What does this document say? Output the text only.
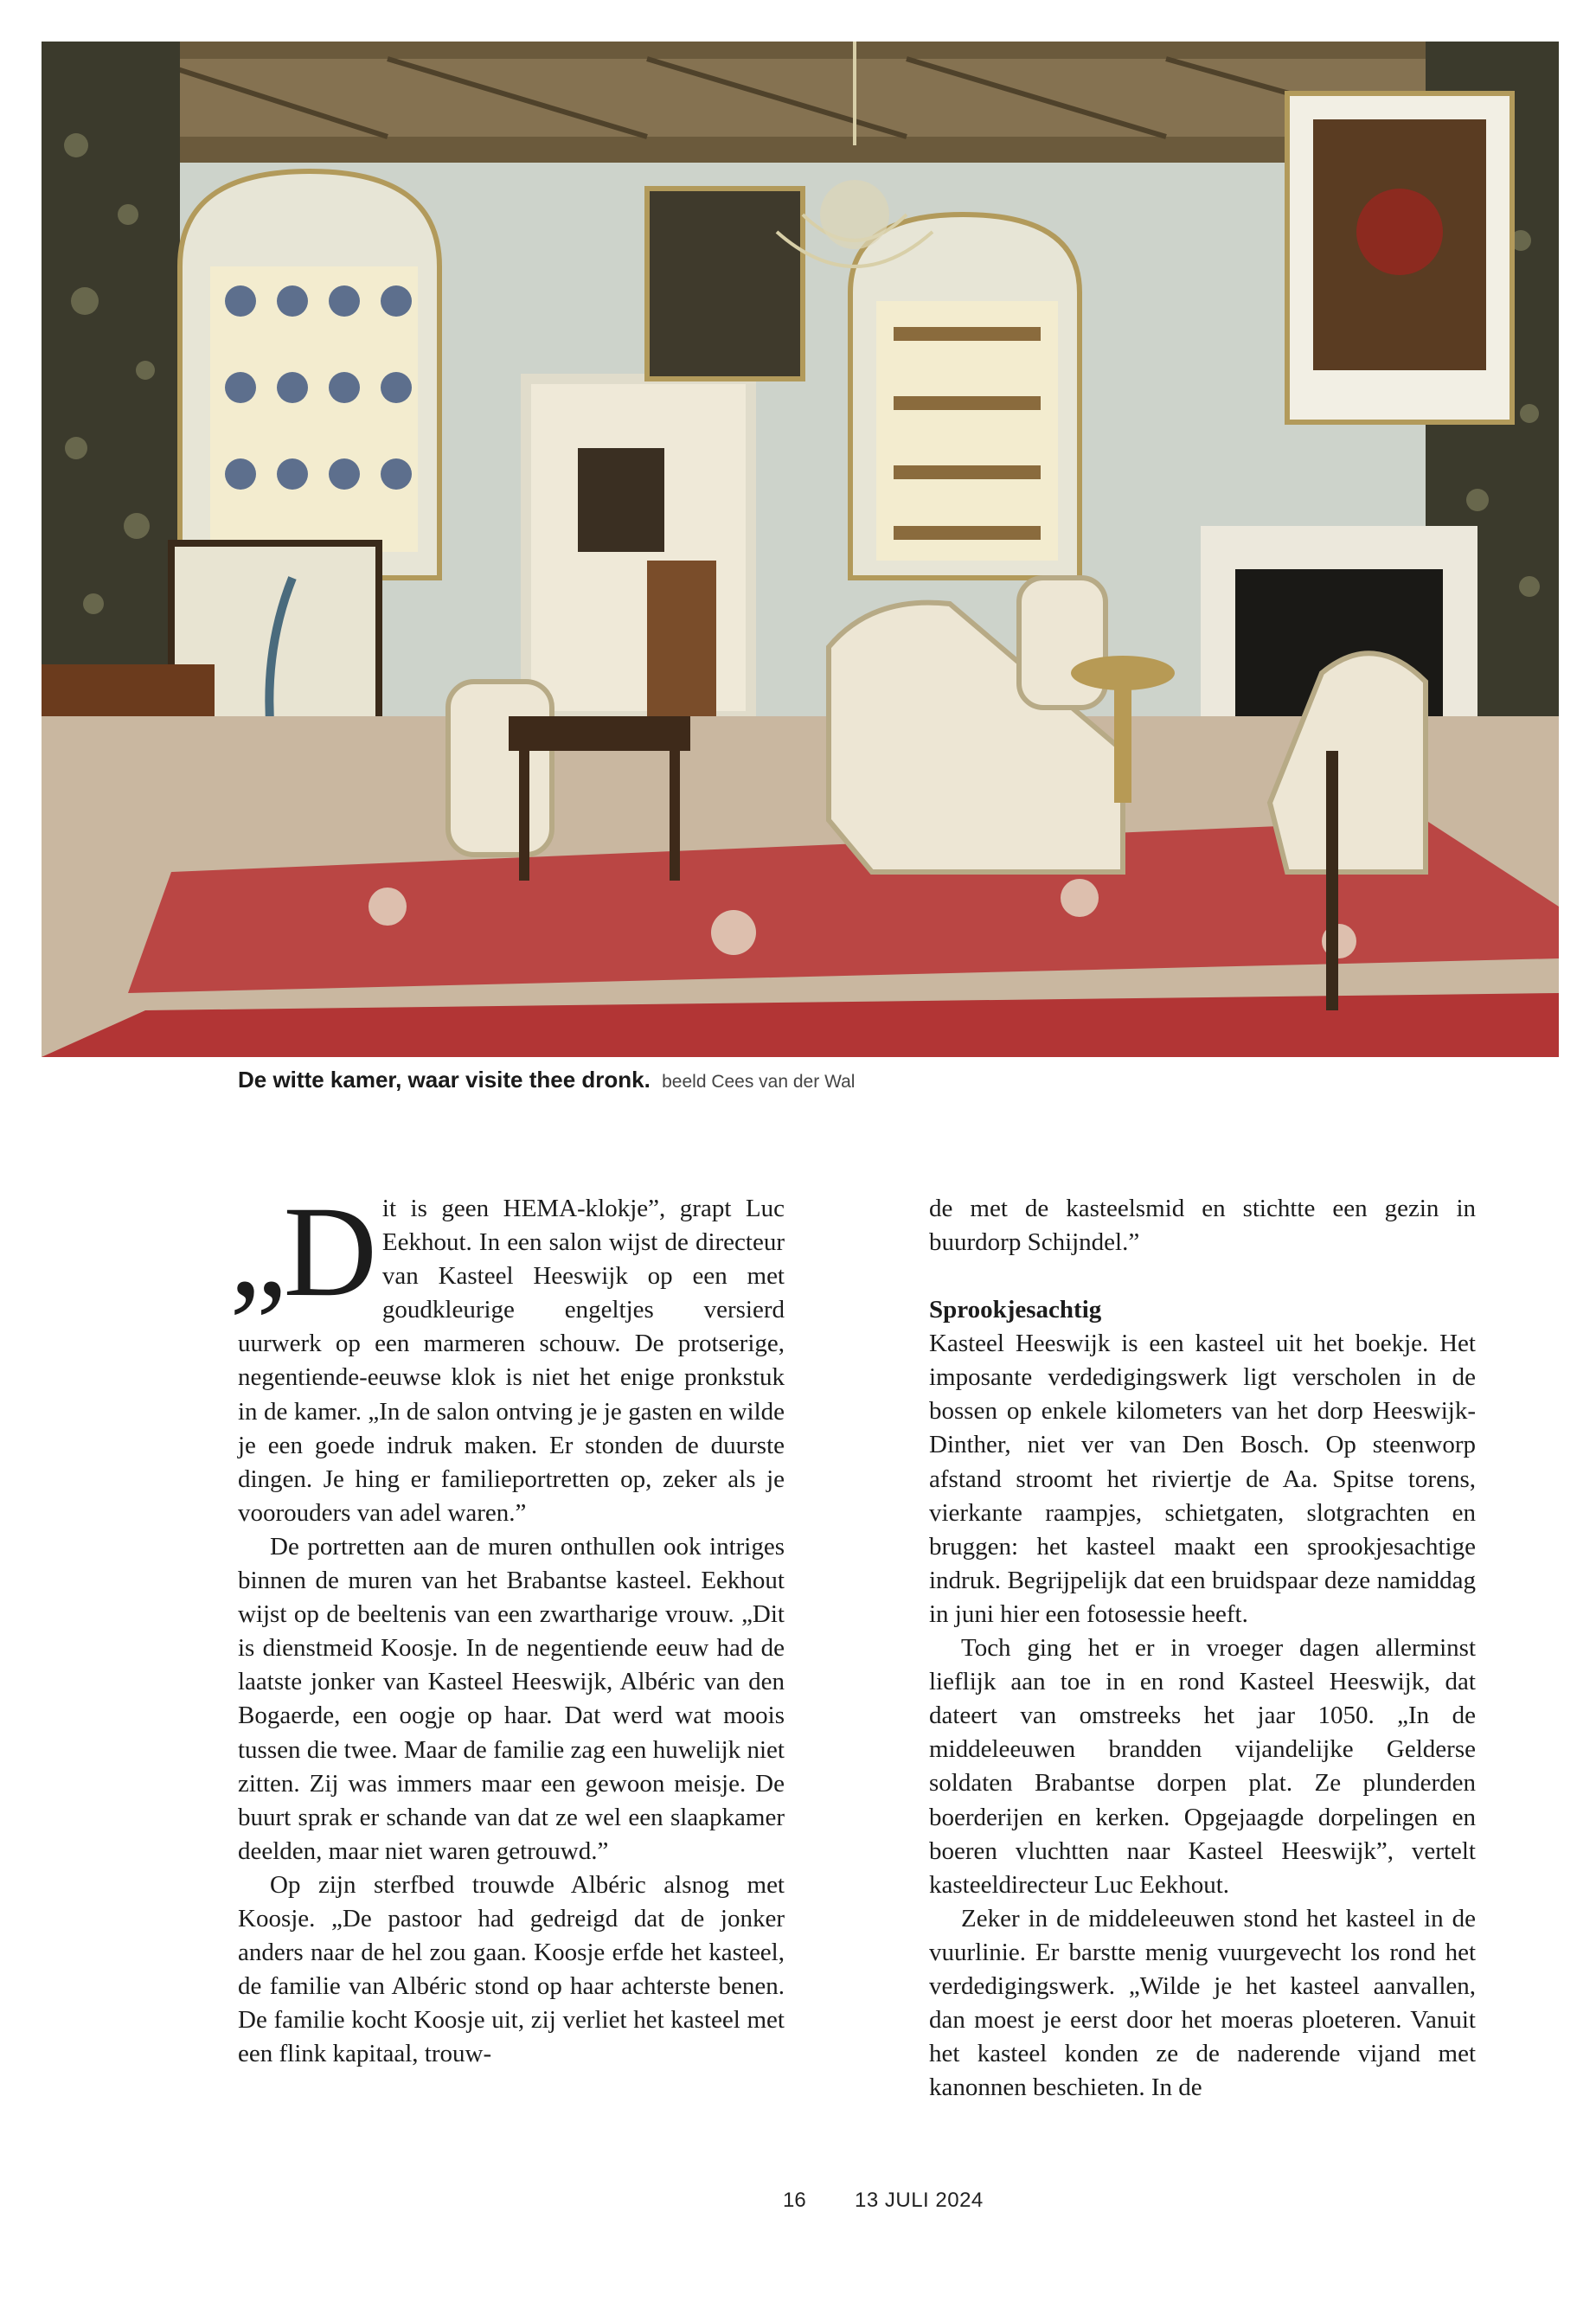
De witte kamer, waar visite thee dronk. beeld Cees van der Wal

„Dit is geen HEMA-klokje”, grapt Luc Eekhout. In een salon wijst de directeur van Kasteel Heeswijk op een met goudkleurige engeltjes versierd uurwerk op een marmeren schouw. De protserige, negentiende-eeuwse klok is niet het enige pronkstuk in de kamer. „In de salon ontving je je gasten en wilde je een goede indruk maken. Er stonden de duurste dingen. Je hing er familieportretten op, zeker als je voorouders van adel waren.”

De portretten aan de muren onthullen ook intriges binnen de muren van het Brabantse kasteel. Eekhout wijst op de beeltenis van een zwartharige vrouw. „Dit is dienstmeid Koosje. In de negentiende eeuw had de laatste jonker van Kasteel Heeswijk, Albéric van den Bogaerde, een oogje op haar. Dat werd wat moois tussen die twee. Maar de familie zag een huwelijk niet zitten. Zij was immers maar een gewoon meisje. De buurt sprak er schande van dat ze wel een slaapkamer deelden, maar niet waren getrouwd.”

Op zijn sterfbed trouwde Albéric alsnog met Koosje. „De pastoor had gedreigd dat de jonker anders naar de hel zou gaan. Koosje erfde het kasteel, de familie van Albéric stond op haar achterste benen. De familie kocht Koosje uit, zij verliet het kasteel met een flink kapitaal, trouw-

de met de kasteelsmid en stichtte een gezin in buurdorp Schijndel.”

Sprookjesachtig

Kasteel Heeswijk is een kasteel uit het boekje. Het imposante verdedigingswerk ligt verscholen in de bossen op enkele kilometers van het dorp Heeswijk-Dinther, niet ver van Den Bosch. Op steenworp afstand stroomt het riviertje de Aa. Spitse torens, vierkante raampjes, schietgaten, slotgrachten en bruggen: het kasteel maakt een sprookjesachtige indruk. Begrijpelijk dat een bruidspaar deze namiddag in juni hier een fotosessie heeft.

Toch ging het er in vroeger dagen allerminst lieflijk aan toe in en rond Kasteel Heeswijk, dat dateert van omstreeks het jaar 1050. „In de middeleeuwen brandden vijandelijke Gelderse soldaten Brabantse dorpen plat. Ze plunderden boerderijen en kerken. Opgejaagde dorpelingen en boeren vluchtten naar Kasteel Heeswijk”, vertelt kasteeldirecteur Luc Eekhout.

Zeker in de middeleeuwen stond het kasteel in de vuurlinie. Er barstte menig vuurgevecht los rond het verdedigingswerk. „Wilde je het kasteel aanvallen, dan moest je eerst door het moeras ploeteren. Vanuit het kasteel konden ze de naderende vijand met kanonnen beschieten. In de

16 13 JULI 2024
